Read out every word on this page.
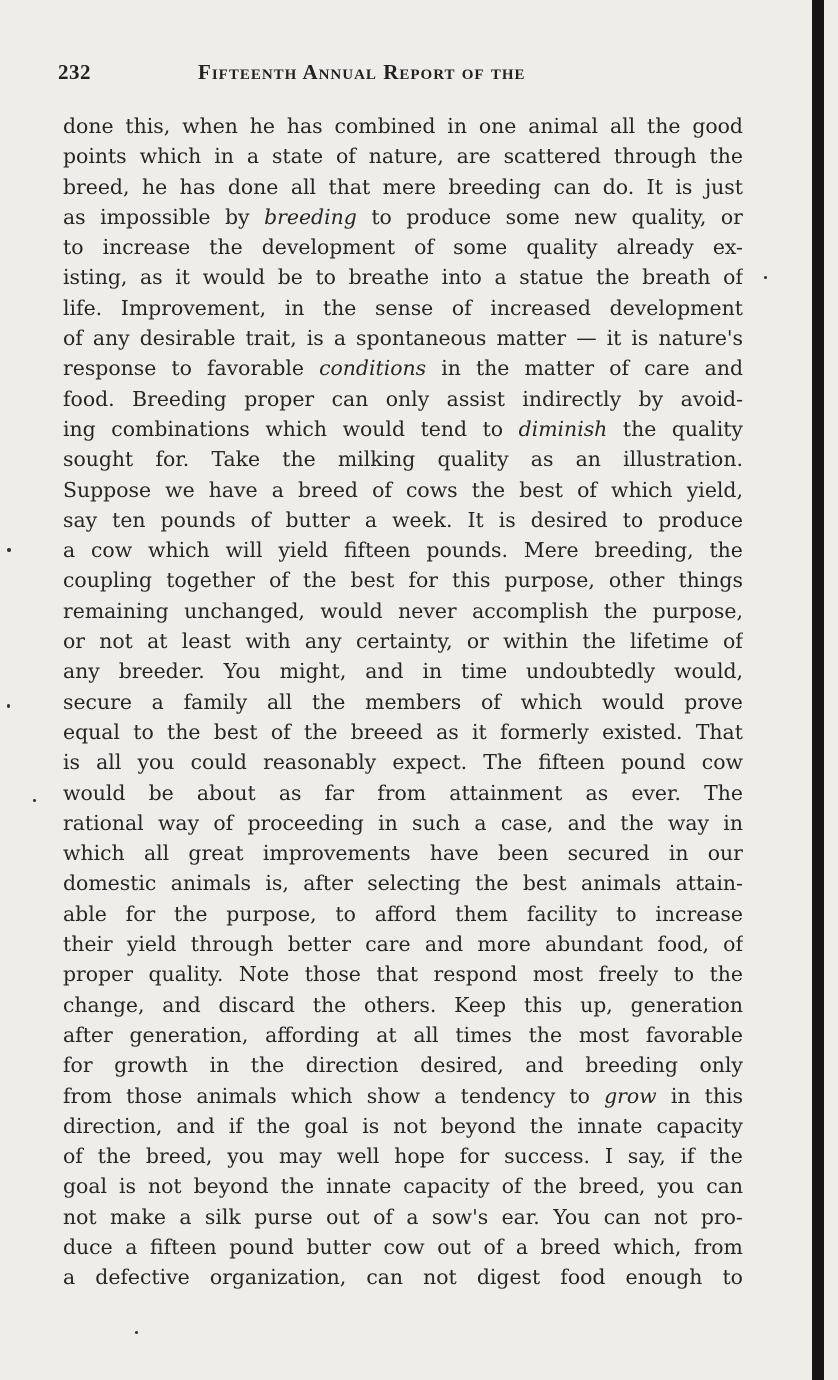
232	Fifteenth Annual Report of the
done this, when he has combined in one animal all the good
points which in a state of nature, are scattered through the
breed, he has done all that mere breeding can do. It is just
as impossible by breeding to produce some new quality, or
to increase the development of some quality already ex-
isting, as it would be to breathe into a statue the breath of
life. Improvement, in the sense of increased development
of any desirable trait, is a spontaneous matter — it is nature's
response to favorable conditions in the matter of care and
food. Breeding proper can only assist indirectly by avoid-
ing combinations which would tend to diminish the quality
sought for. Take the milking quality as an illustration.
Suppose we have a breed of cows the best of which yield,
say ten pounds of butter a week. It is desired to produce
a cow which will yield fifteen pounds. Mere breeding, the
coupling together of the best for this purpose, other things
remaining unchanged, would never accomplish the purpose,
or not at least with any certainty, or within the lifetime of
any breeder. You might, and in time undoubtedly would,
secure a family all the members of which would prove
equal to the best of the breeed as it formerly existed. That
is all you could reasonably expect. The fifteen pound cow
would be about as far from attainment as ever. The
rational way of proceeding in such a case, and the way in
which all great improvements have been secured in our
domestic animals is, after selecting the best animals attain-
able for the purpose, to afford them facility to increase
their yield through better care and more abundant food, of
proper quality. Note those that respond most freely to the
change, and discard the others. Keep this up, generation
after generation, affording at all times the most favorable
for growth in the direction desired, and breeding only
from those animals which show a tendency to grow in this
direction, and if the goal is not beyond the innate capacity
of the breed, you may well hope for success. I say, if the
goal is not beyond the innate capacity of the breed, you can
not make a silk purse out of a sow's ear. You can not pro-
duce a fifteen pound butter cow out of a breed which, from
a defective organization, can not digest food enough to
